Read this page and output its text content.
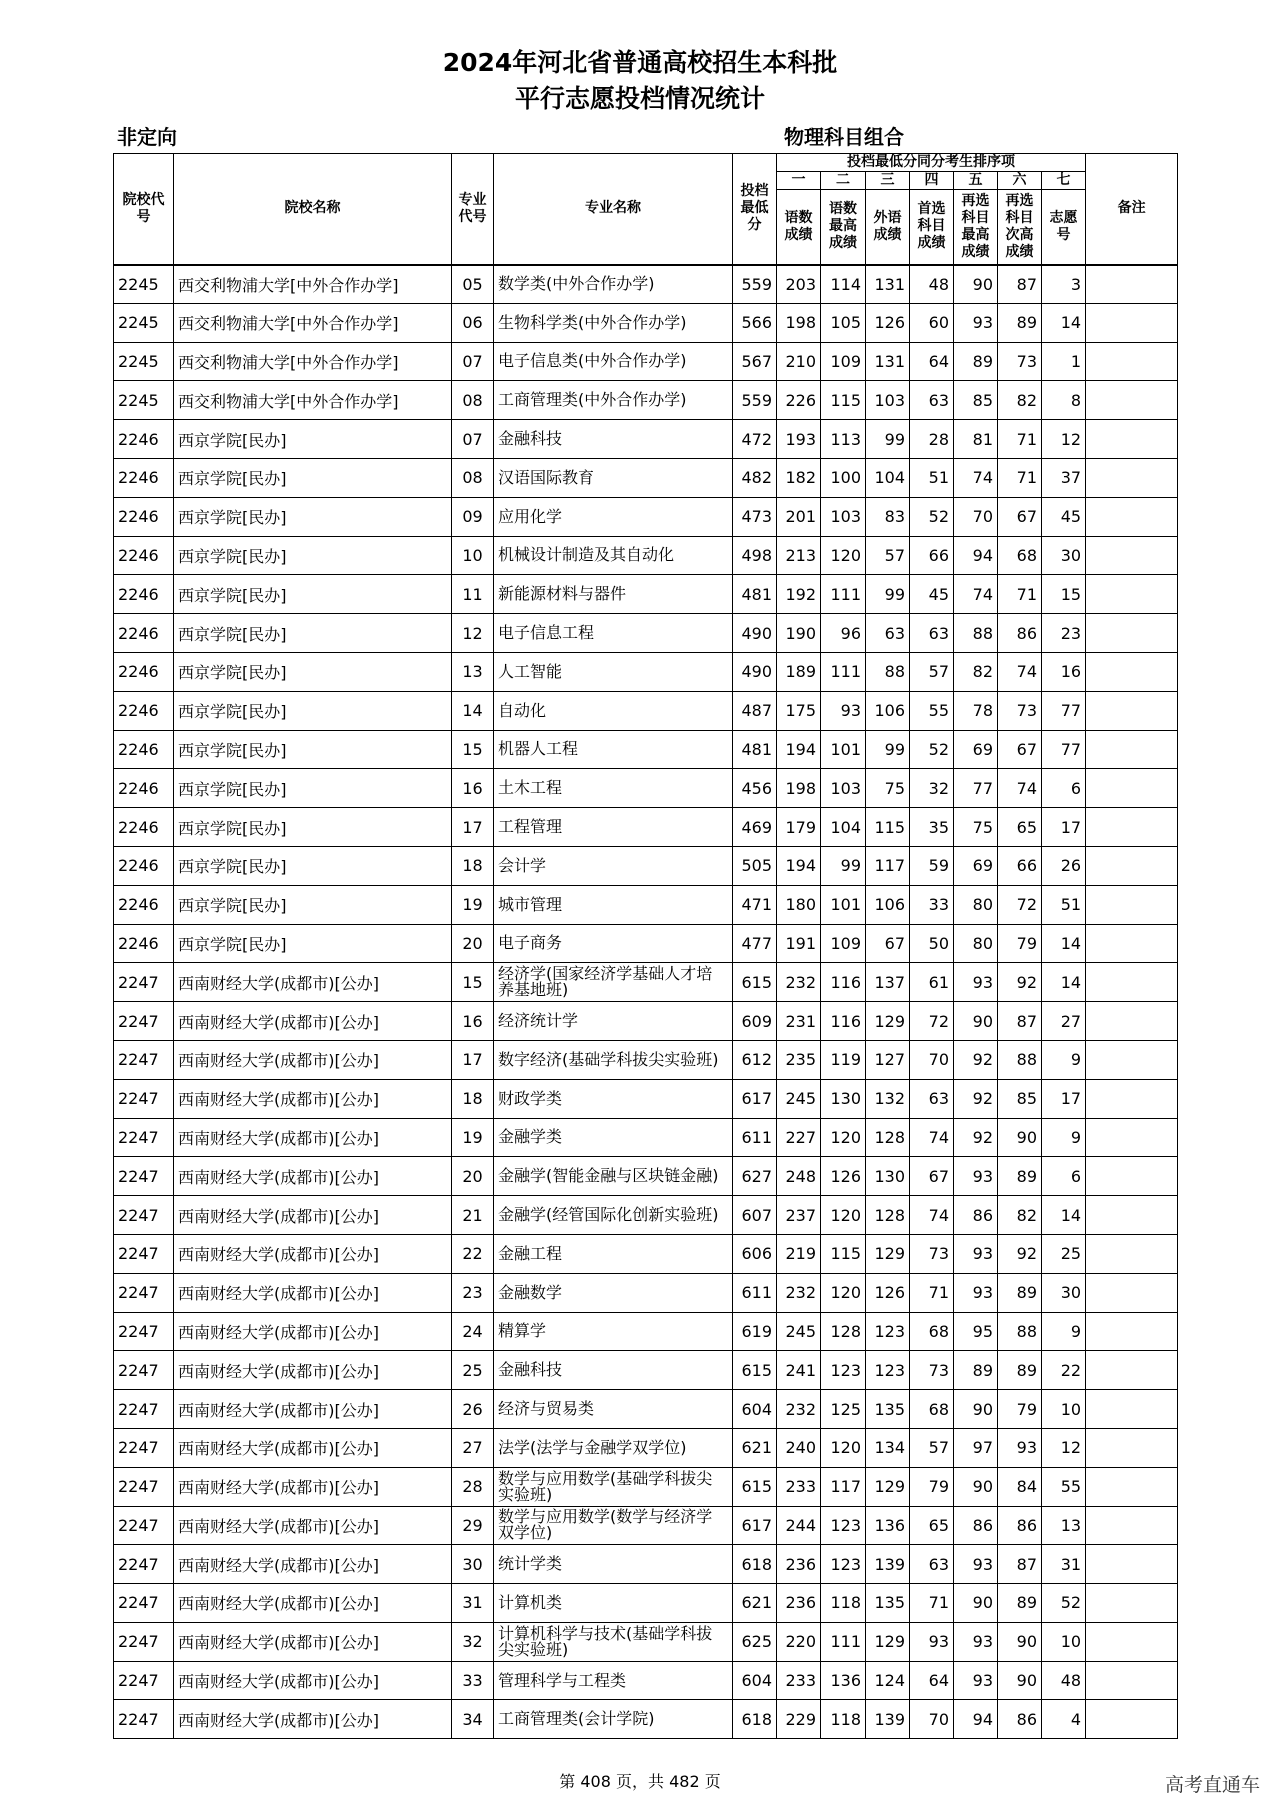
2024年河北省普通高校招生本科批
平行志愿投档情况统计
非定向	物理科目组合
院校代号	院校名称	专业代号	专业名称	投档最低分	投档最低分同分考生排序项							备注
					一	二	三	四	五	六	七	
					语数成绩	语数最高成绩	外语成绩	首选科目成绩	再选科目最高成绩	再选科目次高成绩	志愿号	
2245	西交利物浦大学[中外合作办学]	05	数学类(中外合作办学)	559	203	114	131	48	90	87	3	
2245	西交利物浦大学[中外合作办学]	06	生物科学类(中外合作办学)	566	198	105	126	60	93	89	14	
2245	西交利物浦大学[中外合作办学]	07	电子信息类(中外合作办学)	567	210	109	131	64	89	73	1	
2245	西交利物浦大学[中外合作办学]	08	工商管理类(中外合作办学)	559	226	115	103	63	85	82	8	
2246	西京学院[民办]	07	金融科技	472	193	113	99	28	81	71	12	
2246	西京学院[民办]	08	汉语国际教育	482	182	100	104	51	74	71	37	
2246	西京学院[民办]	09	应用化学	473	201	103	83	52	70	67	45	
2246	西京学院[民办]	10	机械设计制造及其自动化	498	213	120	57	66	94	68	30	
2246	西京学院[民办]	11	新能源材料与器件	481	192	111	99	45	74	71	15	
2246	西京学院[民办]	12	电子信息工程	490	190	96	63	63	88	86	23	
2246	西京学院[民办]	13	人工智能	490	189	111	88	57	82	74	16	
2246	西京学院[民办]	14	自动化	487	175	93	106	55	78	73	77	
2246	西京学院[民办]	15	机器人工程	481	194	101	99	52	69	67	77	
2246	西京学院[民办]	16	土木工程	456	198	103	75	32	77	74	6	
2246	西京学院[民办]	17	工程管理	469	179	104	115	35	75	65	17	
2246	西京学院[民办]	18	会计学	505	194	99	117	59	69	66	26	
2246	西京学院[民办]	19	城市管理	471	180	101	106	33	80	72	51	
2246	西京学院[民办]	20	电子商务	477	191	109	67	50	80	79	14	
2247	西南财经大学(成都市)[公办]	15	经济学(国家经济学基础人才培养基地班)	615	232	116	137	61	93	92	14	
2247	西南财经大学(成都市)[公办]	16	经济统计学	609	231	116	129	72	90	87	27	
2247	西南财经大学(成都市)[公办]	17	数字经济(基础学科拔尖实验班)	612	235	119	127	70	92	88	9	
2247	西南财经大学(成都市)[公办]	18	财政学类	617	245	130	132	63	92	85	17	
2247	西南财经大学(成都市)[公办]	19	金融学类	611	227	120	128	74	92	90	9	
2247	西南财经大学(成都市)[公办]	20	金融学(智能金融与区块链金融)	627	248	126	130	67	93	89	6	
2247	西南财经大学(成都市)[公办]	21	金融学(经管国际化创新实验班)	607	237	120	128	74	86	82	14	
2247	西南财经大学(成都市)[公办]	22	金融工程	606	219	115	129	73	93	92	25	
2247	西南财经大学(成都市)[公办]	23	金融数学	611	232	120	126	71	93	89	30	
2247	西南财经大学(成都市)[公办]	24	精算学	619	245	128	123	68	95	88	9	
2247	西南财经大学(成都市)[公办]	25	金融科技	615	241	123	123	73	89	89	22	
2247	西南财经大学(成都市)[公办]	26	经济与贸易类	604	232	125	135	68	90	79	10	
2247	西南财经大学(成都市)[公办]	27	法学(法学与金融学双学位)	621	240	120	134	57	97	93	12	
2247	西南财经大学(成都市)[公办]	28	数学与应用数学(基础学科拔尖实验班)	615	233	117	129	79	90	84	55	
2247	西南财经大学(成都市)[公办]	29	数学与应用数学(数学与经济学双学位)	617	244	123	136	65	86	86	13	
2247	西南财经大学(成都市)[公办]	30	统计学类	618	236	123	139	63	93	87	31	
2247	西南财经大学(成都市)[公办]	31	计算机类	621	236	118	135	71	90	89	52	
2247	西南财经大学(成都市)[公办]	32	计算机科学与技术(基础学科拔尖实验班)	625	220	111	129	93	93	90	10	
2247	西南财经大学(成都市)[公办]	33	管理科学与工程类	604	233	136	124	64	93	90	48	
2247	西南财经大学(成都市)[公办]	34	工商管理类(会计学院)	618	229	118	139	70	94	86	4	
第 408 页，共 482 页	高考直通车
